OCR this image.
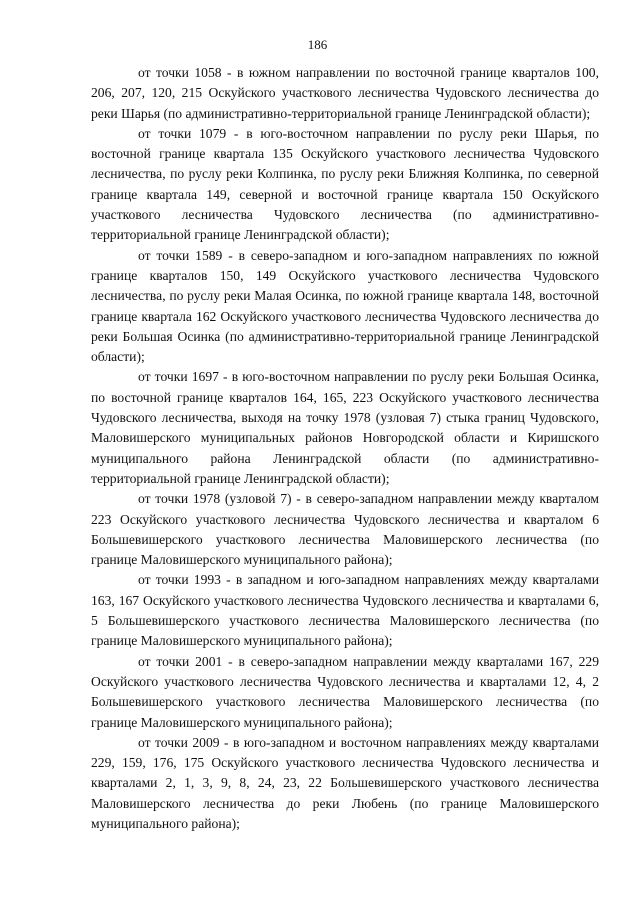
186

от точки 1058 - в южном направлении по восточной границе кварталов 100, 206, 207, 120, 215 Оскуйского участкового лесничества Чудовского лесничества до реки Шарья (по административно-территориальной границе Ленинградской области);

от точки 1079 - в юго-восточном направлении по руслу реки Шарья, по восточной границе квартала 135 Оскуйского участкового лесничества Чудовского лесничества, по руслу реки Колпинка, по руслу реки Ближняя Колпинка, по северной границе квартала 149, северной и восточной границе квартала 150 Оскуйского участкового лесничества Чудовского лесничества (по административно-территориальной границе Ленинградской области);

от точки 1589 - в северо-западном и юго-западном направлениях по южной границе кварталов 150, 149 Оскуйского участкового лесничества Чудовского лесничества, по руслу реки Малая Осинка, по южной границе квартала 148, восточной границе квартала 162 Оскуйского участкового лесничества Чудовского лесничества до реки Большая Осинка (по административно-территориальной границе Ленинградской области);

от точки 1697 - в юго-восточном направлении по руслу реки Большая Осинка, по восточной границе кварталов 164, 165, 223 Оскуйского участкового лесничества Чудовского лесничества, выходя на точку 1978 (узловая 7) стыка границ Чудовского, Маловишерского муниципальных районов Новгородской области и Киришского муниципального района Ленинградской области (по административно-территориальной границе Ленинградской области);

от точки 1978 (узловой 7) - в северо-западном направлении между кварталом 223 Оскуйского участкового лесничества Чудовского лесничества и кварталом 6 Большевишерского участкового лесничества Маловишерского лесничества (по границе Маловишерского муниципального района);

от точки 1993 - в западном и юго-западном направлениях между кварталами 163, 167 Оскуйского участкового лесничества Чудовского лесничества и кварталами 6, 5 Большевишерского участкового лесничества Маловишерского лесничества (по границе Маловишерского муниципального района);

от точки 2001 - в северо-западном направлении между кварталами 167, 229 Оскуйского участкового лесничества Чудовского лесничества и кварталами 12, 4, 2 Большевишерского участкового лесничества Маловишерского лесничества (по границе Маловишерского муниципального района);

от точки 2009 - в юго-западном и восточном направлениях между кварталами 229, 159, 176, 175 Оскуйского участкового лесничества Чудовского лесничества и кварталами 2, 1, 3, 9, 8, 24, 23, 22 Большевишерского участкового лесничества Маловишерского лесничества до реки Любень (по границе Маловишерского муниципального района);
